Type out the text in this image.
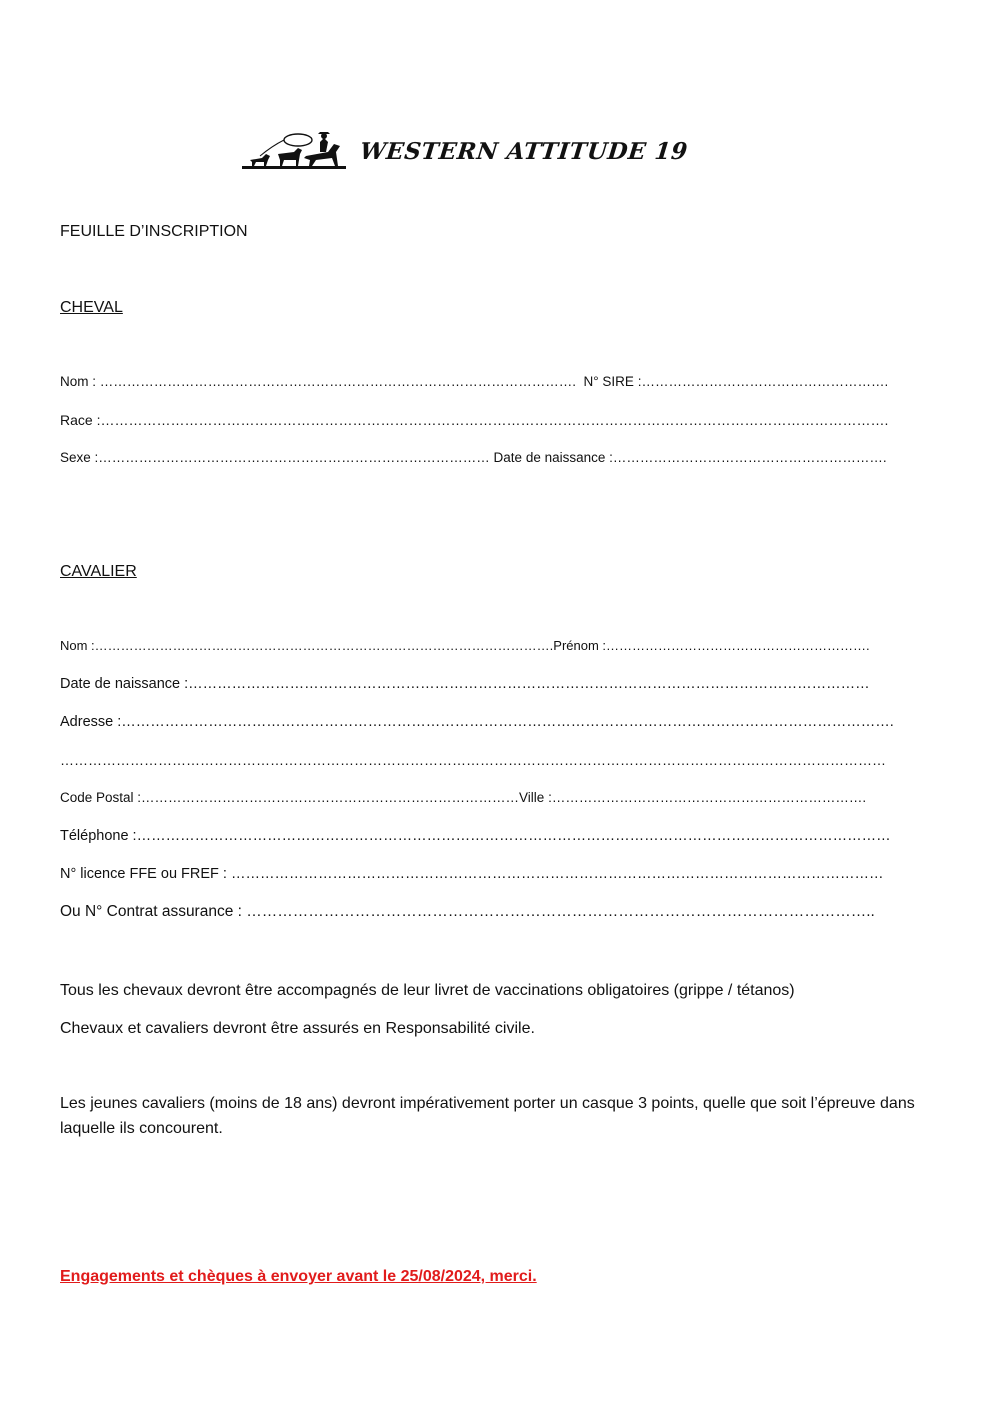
WESTERN ATTITUDE 19
FEUILLE D’INSCRIPTION
CHEVAL
Nom : ……………………………………………………………………………………………. N° SIRE :……………………………………………….
Race :…………………………………………………………………………………………………………………………………………………….
Sexe :…………………………………………………………………………… Date de naissance :…………………………………………………….
CAVALIER
Nom :…………………………………………………………………………………………….Prénom :…………………………………………………….
Date de naissance :……………………………………………………………………………………………………………………………
Adresse :…………………………………………………………………………………………………………………………………………….
……………………………………………………………………………………………………………………………………………………………
Code Postal :…………………………………………………………………………Ville :…………………………………………………………….
Téléphone :…………………………………………………………………………………………………………………………………………
N° licence FFE ou FREF : ………………………………………………………………………………………………………………………
Ou N° Contrat assurance : …………………………………………………………………………………………………………..
Tous les chevaux devront être accompagnés de leur livret de vaccinations obligatoires (grippe / tétanos)
Chevaux et cavaliers devront être assurés en Responsabilité civile.
Les jeunes cavaliers (moins de 18 ans) devront impérativement porter un casque 3 points, quelle que soit l’épreuve dans laquelle ils concourent.
Engagements et chèques à envoyer avant le 25/08/2024, merci.
